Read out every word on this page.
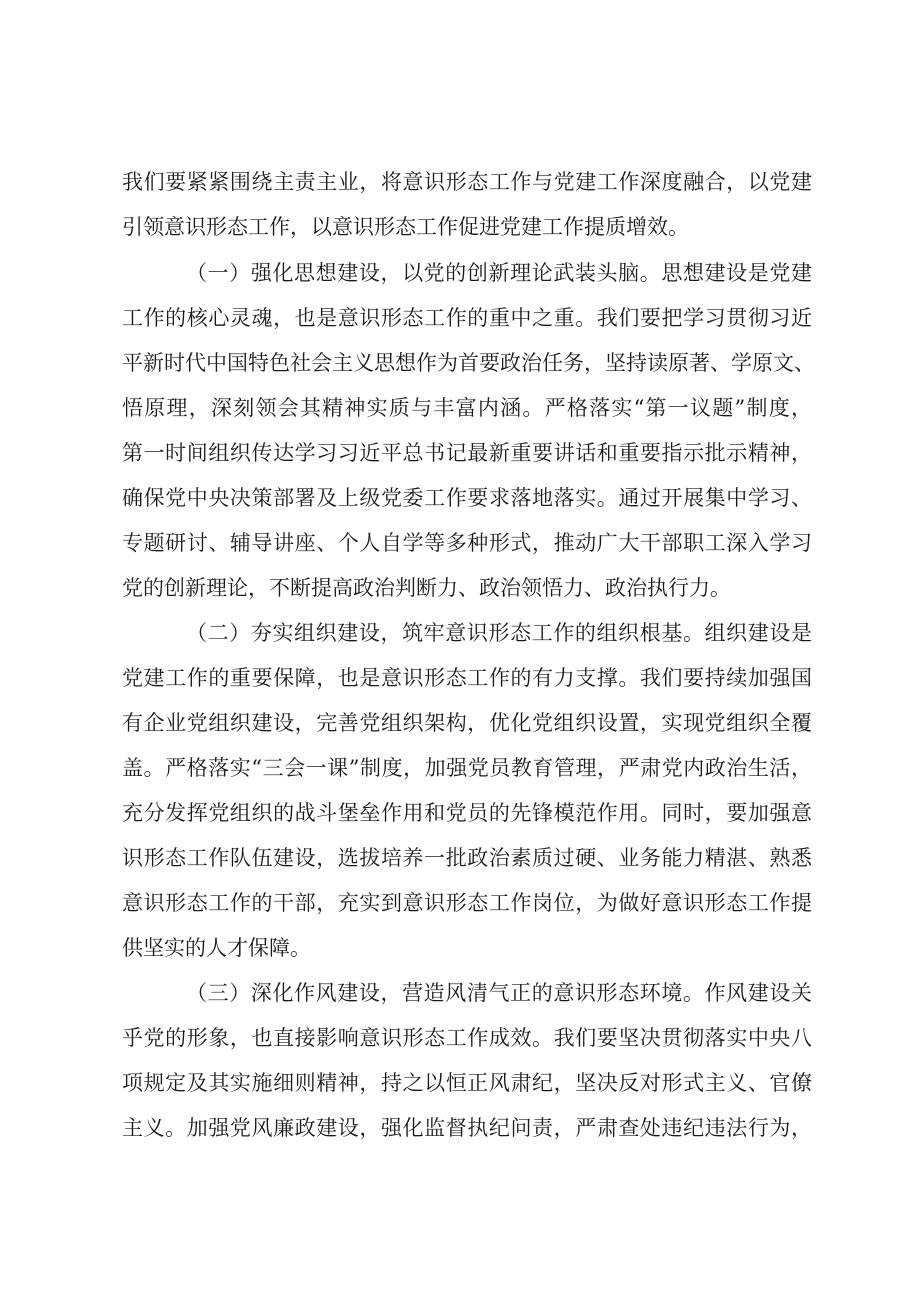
我们要紧紧围绕主责主业，将意识形态工作与党建工作深度融合，以党建
引领意识形态工作，以意识形态工作促进党建工作提质增效。
（一）强化思想建设，以党的创新理论武装头脑。思想建设是党建
工作的核心灵魂，也是意识形态工作的重中之重。我们要把学习贯彻习近
平新时代中国特色社会主义思想作为首要政治任务，坚持读原著、学原文、
悟原理，深刻领会其精神实质与丰富内涵。严格落实“第一议题”制度，
第一时间组织传达学习习近平总书记最新重要讲话和重要指示批示精神，
确保党中央决策部署及上级党委工作要求落地落实。通过开展集中学习、
专题研讨、辅导讲座、个人自学等多种形式，推动广大干部职工深入学习
党的创新理论，不断提高政治判断力、政治领悟力、政治执行力。
（二）夯实组织建设，筑牢意识形态工作的组织根基。组织建设是
党建工作的重要保障，也是意识形态工作的有力支撑。我们要持续加强国
有企业党组织建设，完善党组织架构，优化党组织设置，实现党组织全覆
盖。严格落实“三会一课”制度，加强党员教育管理，严肃党内政治生活，
充分发挥党组织的战斗堡垒作用和党员的先锋模范作用。同时，要加强意
识形态工作队伍建设，选拔培养一批政治素质过硬、业务能力精湛、熟悉
意识形态工作的干部，充实到意识形态工作岗位，为做好意识形态工作提
供坚实的人才保障。
（三）深化作风建设，营造风清气正的意识形态环境。作风建设关
乎党的形象，也直接影响意识形态工作成效。我们要坚决贯彻落实中央八
项规定及其实施细则精神，持之以恒正风肃纪，坚决反对形式主义、官僚
主义。加强党风廉政建设，强化监督执纪问责，严肃查处违纪违法行为，
